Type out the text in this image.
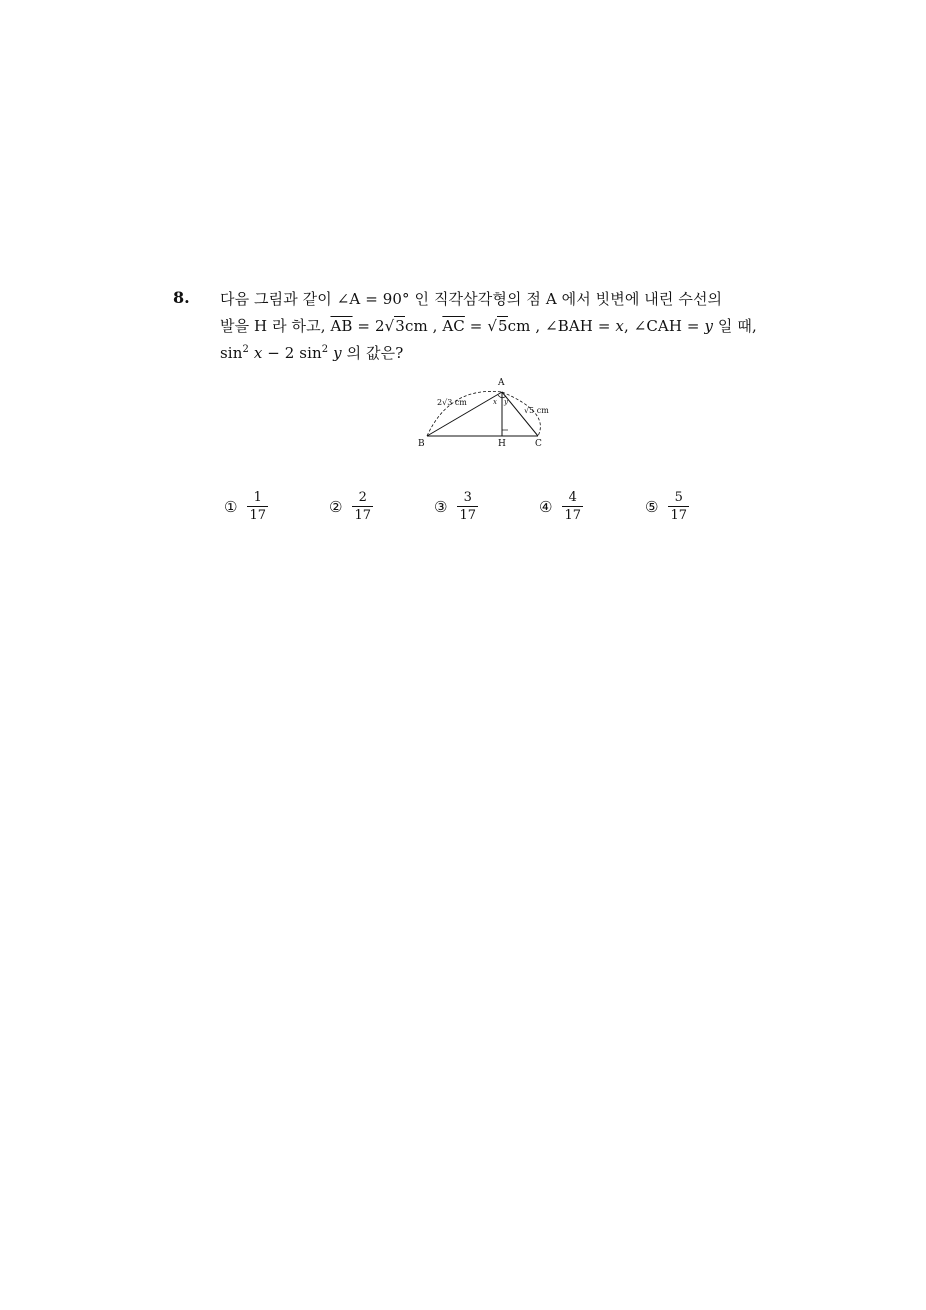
8. 다음 그림과 같이 ∠A = 90° 인 직각삼각형의 점 A 에서 빗변에 내린 수선의
발을 H 라 하고, $\overline{AB} = 2√3cm$ , $\overline{AC} = √5cm$ , ∠BAH = x, ∠CAH = y 일 때,
$\sin^2 x - 2$ $\sin^2 y$ 의 값은?
A
B	C
H
x y
2√3 cm
√5 cm
① $\frac{1}{17}$	② $\frac{2}{17}$	③ $\frac{3}{17}$	④ $\frac{4}{17}$	⑤ $\frac{5}{17}$
